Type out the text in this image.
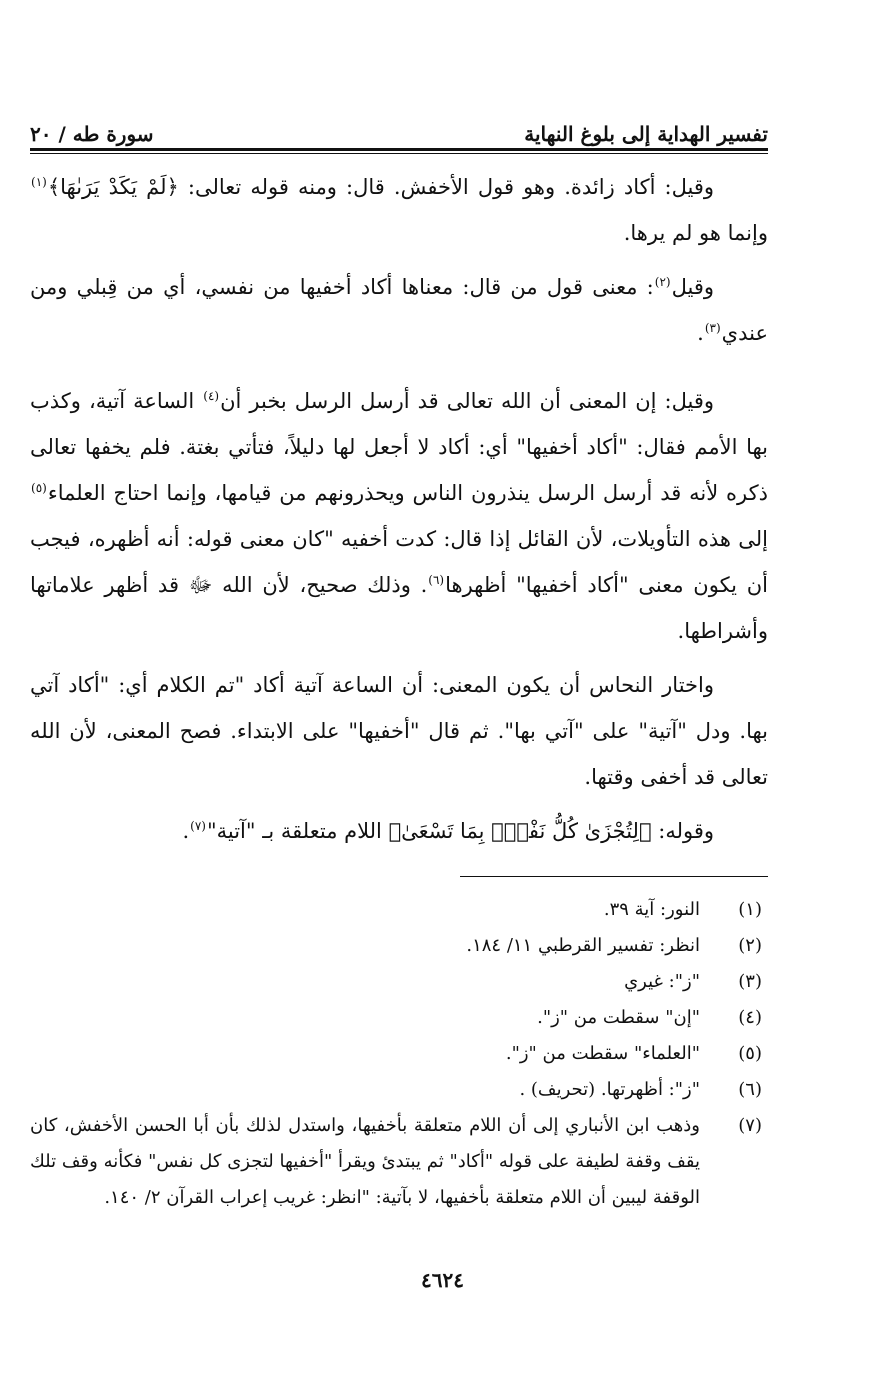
تفسير الهداية إلى بلوغ النهاية
سورة طه / ٢٠

وقيل: أكاد زائدة. وهو قول الأخفش. قال: ومنه قوله تعالى: ﴿لَمْ يَكَدْ يَرَىٰهَا﴾$^{(١)}$ وإنما هو لم يرها.

وقيل$^{(٢)}$: معنى قول من قال: معناها أكاد أخفيها من نفسي، أي من قِبلي ومن عندي$^{(٣)}$.

وقيل: إن المعنى أن الله تعالى قد أرسل الرسل بخبر أن$^{(٤)}$ الساعة آتية، وكذب بها الأمم فقال: "أكاد أخفيها" أي: أكاد لا أجعل لها دليلاً، فتأتي بغتة. فلم يخفها تعالى ذكره لأنه قد أرسل الرسل ينذرون الناس ويحذرونهم من قيامها، وإنما احتاج العلماء$^{(٥)}$ إلى هذه التأويلات، لأن القائل إذا قال: كدت أخفيه "كان معنى قوله: أنه أظهره، فيجب أن يكون معنى "أكاد أخفيها" أظهرها$^{(٦)}$. وذلك صحيح، لأن الله ﷻ قد أظهر علاماتها وأشراطها.

واختار النحاس أن يكون المعنى: أن الساعة آتية أكاد "تم الكلام أي: "أكاد آتي بها. ودل "آتية" على "آتي بها". ثم قال "أخفيها" على الابتداء. فصح المعنى، لأن الله تعالى قد أخفى وقتها.

وقوله: ﴿لِتُجْزَىٰ كُلُّ نَفْسٍۭ بِمَا تَسْعَىٰ﴾ اللام متعلقة بـ "آتية"$^{(٧)}$.

(١)
النور: آية ٣٩.
(٢)
انظر: تفسير القرطبي ١١/ ١٨٤.
(٣)
"ز": غيري
(٤)
"إن" سقطت من "ز".
(٥)
"العلماء" سقطت من "ز".
(٦)
"ز": أظهرتها. (تحريف) .
(٧)
وذهب ابن الأنباري إلى أن اللام متعلقة بأخفيها، واستدل لذلك بأن أبا الحسن الأخفش، كان يقف وقفة لطيفة على قوله "أكاد" ثم يبتدئ ويقرأ "أخفيها لتجزى كل نفس" فكأنه وقف تلك الوقفة ليبين أن اللام متعلقة بأخفيها، لا بآتية: "انظر: غريب إعراب القرآن ٢/ ١٤٠.
٤٦٢٤
